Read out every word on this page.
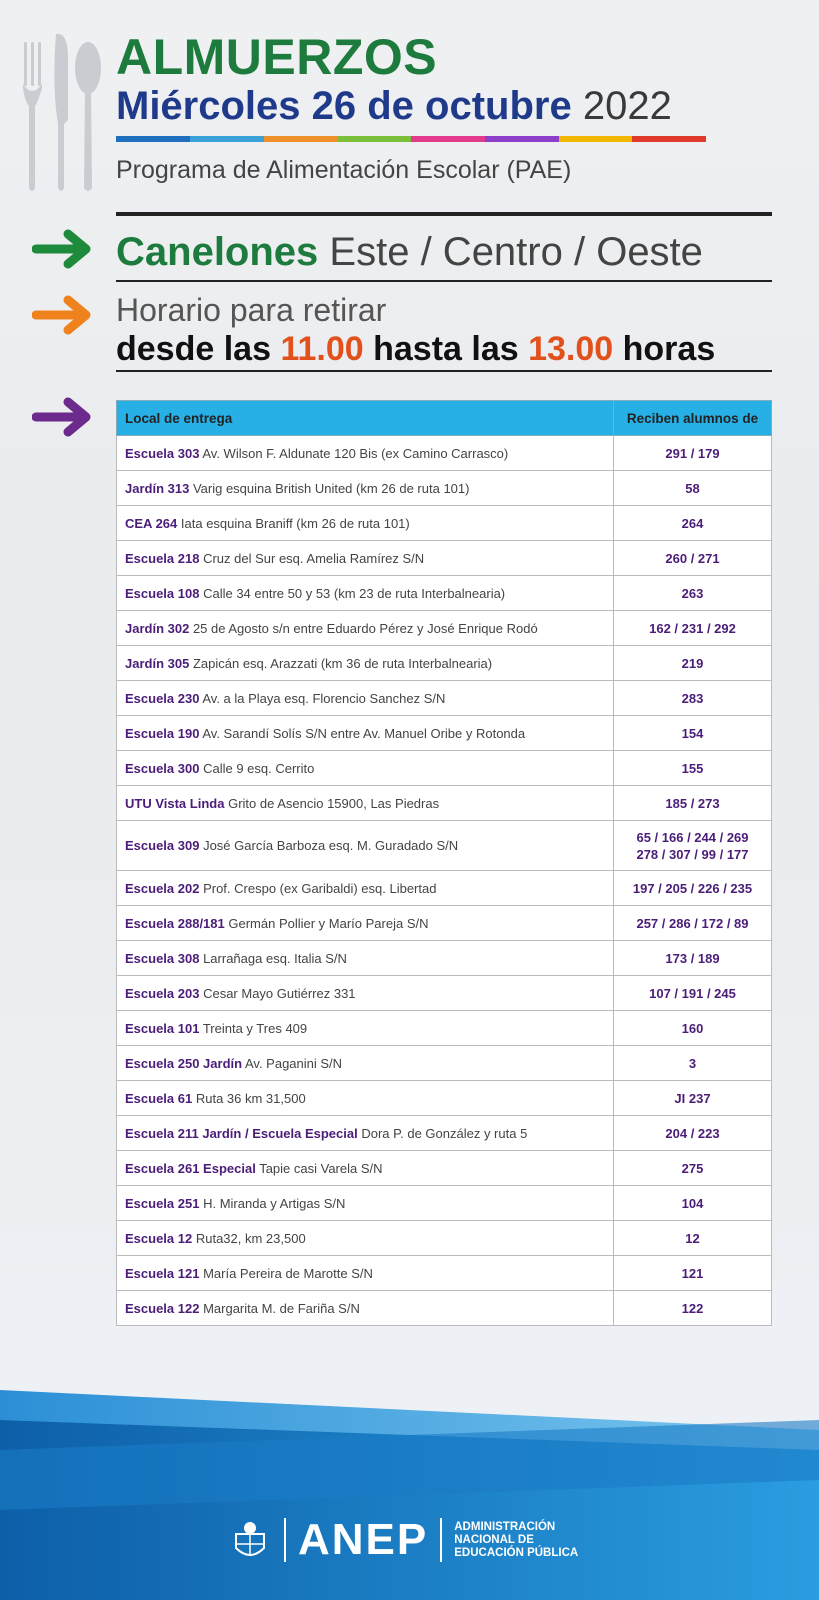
ALMUERZOS
Miércoles 26 de octubre 2022
Programa de Alimentación Escolar (PAE)
Canelones Este / Centro / Oeste
Horario para retirar
desde las 11.00 hasta las 13.00 horas
Local de entrega	Reciben alumnos de
Escuela 303 Av. Wilson F. Aldunate 120 Bis (ex Camino Carrasco)	291 / 179

Jardín 313 Varig esquina British United (km 26 de ruta 101)	58

CEA 264 Iata esquina Braniff (km 26 de ruta 101)	264

Escuela 218 Cruz del Sur esq. Amelia Ramírez S/N	260 / 271

Escuela 108 Calle 34 entre 50 y 53 (km 23 de ruta Interbalnearia)	263

Jardín 302 25 de Agosto s/n entre Eduardo Pérez y José Enrique Rodó	162 / 231 / 292

Jardín 305 Zapicán esq. Arazzati (km 36 de ruta Interbalnearia)	219

Escuela 230 Av. a la Playa esq. Florencio Sanchez S/N	283

Escuela 190 Av. Sarandí Solís S/N entre Av. Manuel Oribe y Rotonda	154

Escuela 300 Calle 9 esq. Cerrito	155

UTU Vista Linda Grito de Asencio 15900, Las Piedras	185 / 273

Escuela 309 José García Barboza esq. M. Guradado S/N	65 / 166 / 244 / 269
278 / 307 / 99 / 177

Escuela 202 Prof. Crespo (ex Garibaldi) esq. Libertad	197 / 205 / 226 / 235

Escuela 288/181 Germán Pollier y Marío Pareja S/N	257 / 286 / 172 / 89

Escuela 308 Larrañaga esq. Italia S/N	173 / 189

Escuela 203 Cesar Mayo Gutiérrez 331	107 / 191 / 245

Escuela 101 Treinta y Tres 409	160

Escuela 250 Jardín Av. Paganini S/N	3

Escuela 61 Ruta 36 km 31,500	JI 237

Escuela 211 Jardín / Escuela Especial Dora P. de González y ruta 5	204 / 223

Escuela 261 Especial Tapie casi Varela S/N	275

Escuela 251 H. Miranda y Artigas S/N	104

Escuela 12 Ruta32, km 23,500	12

Escuela 121 María Pereira de Marotte S/N	121

Escuela 122 Margarita M. de Fariña S/N	122
ANEP ADMINISTRACIÓN
NACIONAL DE
EDUCACIÓN PÚBLICA
